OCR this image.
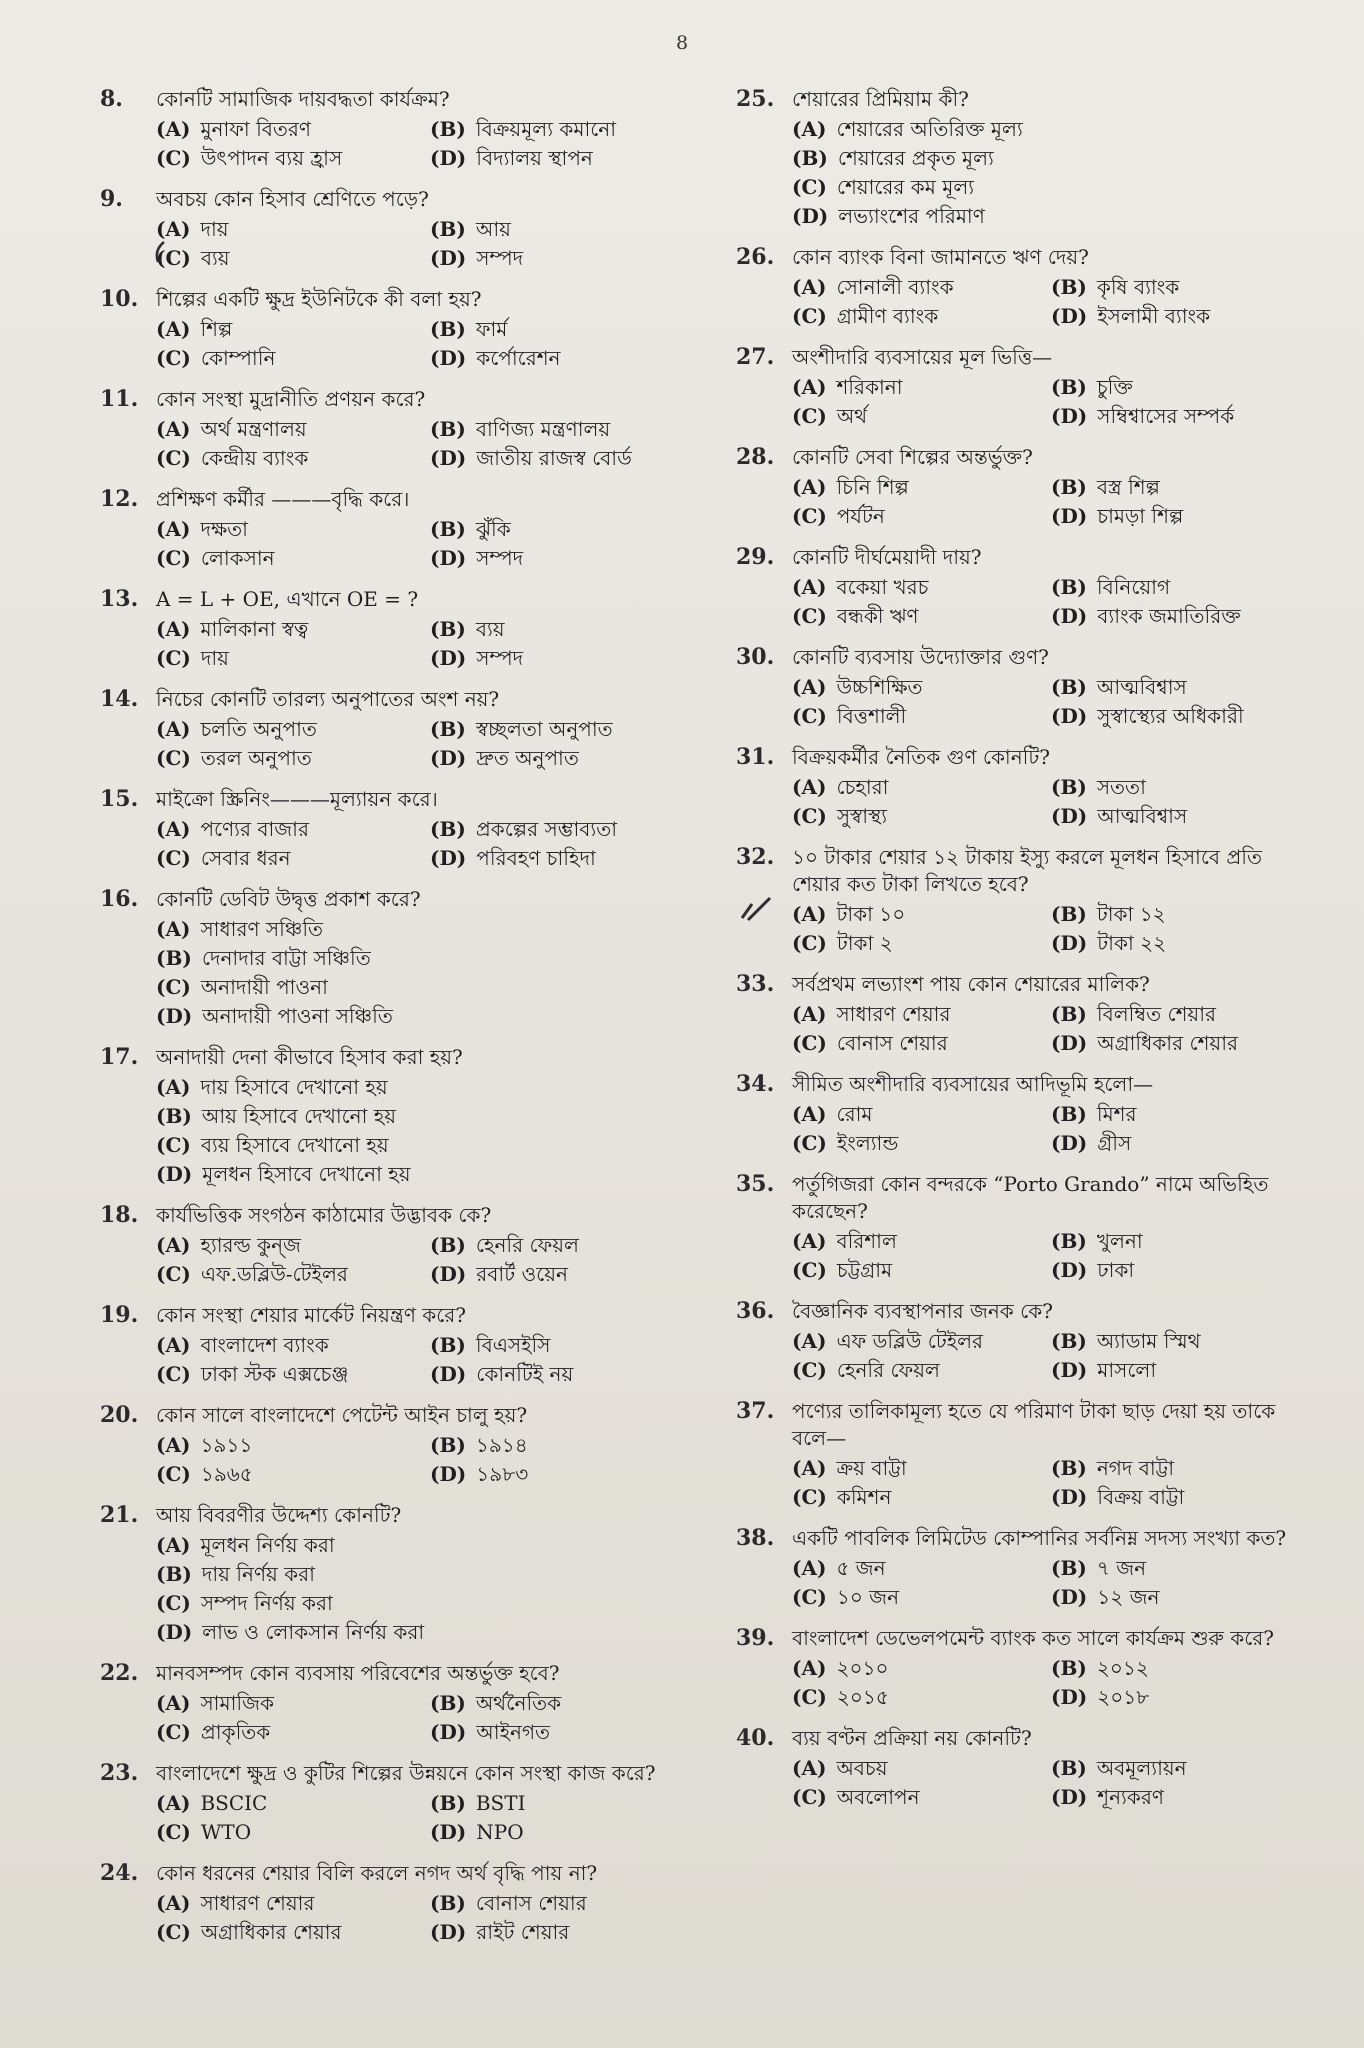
8
8.	কোনটি সামাজিক দায়বদ্ধতা কার্যক্রম?
(A) মুনাফা বিতরণ	(B) বিক্রয়মূল্য কমানো
(C) উৎপাদন ব্যয় হ্রাস	(D) বিদ্যালয় স্থাপন
9.	অবচয় কোন হিসাব শ্রেণিতে পড়ে?
(A) দায়	(B) আয়
(C) ব্যয়	(D) সম্পদ
10. শিল্পের একটি ক্ষুদ্র ইউনিটকে কী বলা হয়?
(A) শিল্প	(B) ফার্ম
(C) কোম্পানি	(D) কর্পোরেশন
11. কোন সংস্থা মুদ্রানীতি প্রণয়ন করে?
(A) অর্থ মন্ত্রণালয়	(B) বাণিজ্য মন্ত্রণালয়
(C) কেন্দ্রীয় ব্যাংক	(D) জাতীয় রাজস্ব বোর্ড
12. প্রশিক্ষণ কর্মীর ———বৃদ্ধি করে।
(A) দক্ষতা	(B) ঝুঁকি
(C) লোকসান	(D) সম্পদ
13. A = L + OE, এখানে OE = ?
(A) মালিকানা স্বত্ব	(B) ব্যয়
(C) দায়	(D) সম্পদ
14. নিচের কোনটি তারল্য অনুপাতের অংশ নয়?
(A) চলতি অনুপাত	(B) স্বচ্ছলতা অনুপাত
(C) তরল অনুপাত	(D) দ্রুত অনুপাত
15. মাইক্রো স্ক্রিনিং———মূল্যায়ন করে।
(A) পণ্যের বাজার	(B) প্রকল্পের সম্ভাব্যতা
(C) সেবার ধরন	(D) পরিবহণ চাহিদা
16. কোনটি ডেবিট উদ্বৃত্ত প্রকাশ করে?
(A) সাধারণ সঞ্চিতি
(B) দেনাদার বাট্টা সঞ্চিতি
(C) অনাদায়ী পাওনা
(D) অনাদায়ী পাওনা সঞ্চিতি
17. অনাদায়ী দেনা কীভাবে হিসাব করা হয়?
(A) দায় হিসাবে দেখানো হয়
(B) আয় হিসাবে দেখানো হয়
(C) ব্যয় হিসাবে দেখানো হয়
(D) মূলধন হিসাবে দেখানো হয়
18. কার্যভিত্তিক সংগঠন কাঠামোর উদ্ভাবক কে?
(A) হ্যারল্ড কুন্জ	(B) হেনরি ফেয়ল
(C) এফ.ডব্লিউ-টেইলর	(D) রবার্ট ওয়েন
19. কোন সংস্থা শেয়ার মার্কেট নিয়ন্ত্রণ করে?
(A) বাংলাদেশ ব্যাংক	(B) বিএসইসি
(C) ঢাকা স্টক এক্সচেঞ্জ	(D) কোনটিই নয়
20. কোন সালে বাংলাদেশে পেটেন্ট আইন চালু হয়?
(A) ১৯১১	(B) ১৯১৪
(C) ১৯৬৫	(D) ১৯৮৩
21. আয় বিবরণীর উদ্দেশ্য কোনটি?
(A) মূলধন নির্ণয় করা
(B) দায় নির্ণয় করা
(C) সম্পদ নির্ণয় করা
(D) লাভ ও লোকসান নির্ণয় করা
22. মানবসম্পদ কোন ব্যবসায় পরিবেশের অন্তর্ভুক্ত হবে?
(A) সামাজিক	(B) অর্থনৈতিক
(C) প্রাকৃতিক	(D) আইনগত
23. বাংলাদেশে ক্ষুদ্র ও কুটির শিল্পের উন্নয়নে কোন সংস্থা কাজ করে?
(A) BSCIC	(B) BSTI
(C) WTO	(D) NPO
24. কোন ধরনের শেয়ার বিলি করলে নগদ অর্থ বৃদ্ধি পায় না?
(A) সাধারণ শেয়ার	(B) বোনাস শেয়ার
(C) অগ্রাধিকার শেয়ার	(D) রাইট শেয়ার
25. শেয়ারের প্রিমিয়াম কী?
(A) শেয়ারের অতিরিক্ত মূল্য
(B) শেয়ারের প্রকৃত মূল্য
(C) শেয়ারের কম মূল্য
(D) লভ্যাংশের পরিমাণ
26. কোন ব্যাংক বিনা জামানতে ঋণ দেয়?
(A) সোনালী ব্যাংক	(B) কৃষি ব্যাংক
(C) গ্রামীণ ব্যাংক	(D) ইসলামী ব্যাংক
27. অংশীদারি ব্যবসায়ের মূল ভিত্তি—
(A) শরিকানা	(B) চুক্তি
(C) অর্থ	(D) সম্বিশ্বাসের সম্পর্ক
28. কোনটি সেবা শিল্পের অন্তর্ভুক্ত?
(A) চিনি শিল্প	(B) বস্ত্র শিল্প
(C) পর্যটন	(D) চামড়া শিল্প
29. কোনটি দীর্ঘমেয়াদী দায়?
(A) বকেয়া খরচ	(B) বিনিয়োগ
(C) বন্ধকী ঋণ	(D) ব্যাংক জমাতিরিক্ত
30. কোনটি ব্যবসায় উদ্যোক্তার গুণ?
(A) উচ্চশিক্ষিত	(B) আত্মবিশ্বাস
(C) বিত্তশালী	(D) সুস্বাস্থ্যের অধিকারী
31. বিক্রয়কর্মীর নৈতিক গুণ কোনটি?
(A) চেহারা	(B) সততা
(C) সুস্বাস্থ্য	(D) আত্মবিশ্বাস
32. ১০ টাকার শেয়ার ১২ টাকায় ইস্যু করলে মূলধন হিসাবে প্রতি শেয়ার কত টাকা লিখতে হবে?
(A) টাকা ১০	(B) টাকা ১২
(C) টাকা ২	(D) টাকা ২২
33. সর্বপ্রথম লভ্যাংশ পায় কোন শেয়ারের মালিক?
(A) সাধারণ শেয়ার	(B) বিলম্বিত শেয়ার
(C) বোনাস শেয়ার	(D) অগ্রাধিকার শেয়ার
34. সীমিত অংশীদারি ব্যবসায়ের আদিভূমি হলো—
(A) রোম	(B) মিশর
(C) ইংল্যান্ড	(D) গ্রীস
35. পর্তুগিজরা কোন বন্দরকে “Porto Grando” নামে অভিহিত করেছেন?
(A) বরিশাল	(B) খুলনা
(C) চট্টগ্রাম	(D) ঢাকা
36. বৈজ্ঞানিক ব্যবস্থাপনার জনক কে?
(A) এফ ডব্লিউ টেইলর	(B) অ্যাডাম স্মিথ
(C) হেনরি ফেয়ল	(D) মাসলো
37. পণ্যের তালিকামূল্য হতে যে পরিমাণ টাকা ছাড় দেয়া হয় তাকে বলে—
(A) ক্রয় বাট্টা	(B) নগদ বাট্টা
(C) কমিশন	(D) বিক্রয় বাট্টা
38. একটি পাবলিক লিমিটেড কোম্পানির সর্বনিম্ন সদস্য সংখ্যা কত?
(A) ৫ জন	(B) ৭ জন
(C) ১০ জন	(D) ১২ জন
39. বাংলাদেশ ডেভেলপমেন্ট ব্যাংক কত সালে কার্যক্রম শুরু করে?
(A) ২০১০	(B) ২০১২
(C) ২০১৫	(D) ২০১৮
40. ব্যয় বণ্টন প্রক্রিয়া নয় কোনটি?
(A) অবচয়	(B) অবমূল্যায়ন
(C) অবলোপন	(D) শূন্যকরণ
